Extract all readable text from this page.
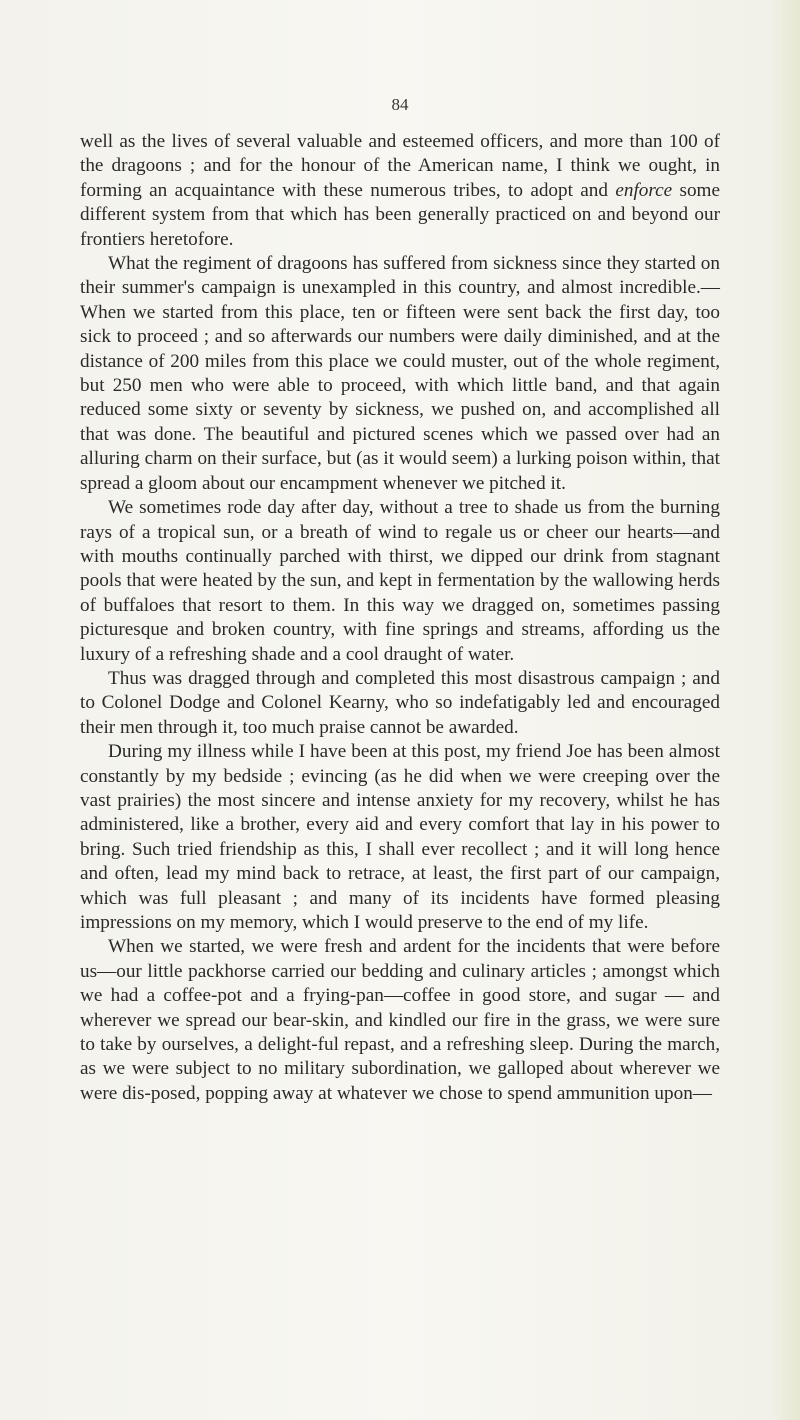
84

well as the lives of several valuable and esteemed officers, and more than 100 of the dragoons ; and for the honour of the American name, I think we ought, in forming an acquaintance with these numerous tribes, to adopt and enforce some different system from that which has been generally practiced on and beyond our frontiers heretofore.

What the regiment of dragoons has suffered from sickness since they started on their summer's campaign is unexampled in this country, and almost incredible.—When we started from this place, ten or fifteen were sent back the first day, too sick to proceed ; and so afterwards our numbers were daily diminished, and at the distance of 200 miles from this place we could muster, out of the whole regiment, but 250 men who were able to proceed, with which little band, and that again reduced some sixty or seventy by sickness, we pushed on, and accomplished all that was done. The beautiful and pictured scenes which we passed over had an alluring charm on their surface, but (as it would seem) a lurking poison within, that spread a gloom about our encampment whenever we pitched it.

We sometimes rode day after day, without a tree to shade us from the burning rays of a tropical sun, or a breath of wind to regale us or cheer our hearts—and with mouths continually parched with thirst, we dipped our drink from stagnant pools that were heated by the sun, and kept in fermentation by the wallowing herds of buffaloes that resort to them. In this way we dragged on, sometimes passing picturesque and broken country, with fine springs and streams, affording us the luxury of a refreshing shade and a cool draught of water.

Thus was dragged through and completed this most disastrous campaign ; and to Colonel Dodge and Colonel Kearny, who so indefatigably led and encouraged their men through it, too much praise cannot be awarded.

During my illness while I have been at this post, my friend Joe has been almost constantly by my bedside ; evincing (as he did when we were creeping over the vast prairies) the most sincere and intense anxiety for my recovery, whilst he has administered, like a brother, every aid and every comfort that lay in his power to bring. Such tried friendship as this, I shall ever recollect ; and it will long hence and often, lead my mind back to retrace, at least, the first part of our campaign, which was full pleasant ; and many of its incidents have formed pleasing impressions on my memory, which I would preserve to the end of my life.

When we started, we were fresh and ardent for the incidents that were before us—our little packhorse carried our bedding and culinary articles ; amongst which we had a coffee-pot and a frying-pan—coffee in good store, and sugar — and wherever we spread our bear-skin, and kindled our fire in the grass, we were sure to take by ourselves, a delight-ful repast, and a refreshing sleep. During the march, as we were subject to no military subordination, we galloped about wherever we were dis-posed, popping away at whatever we chose to spend ammunition upon—
